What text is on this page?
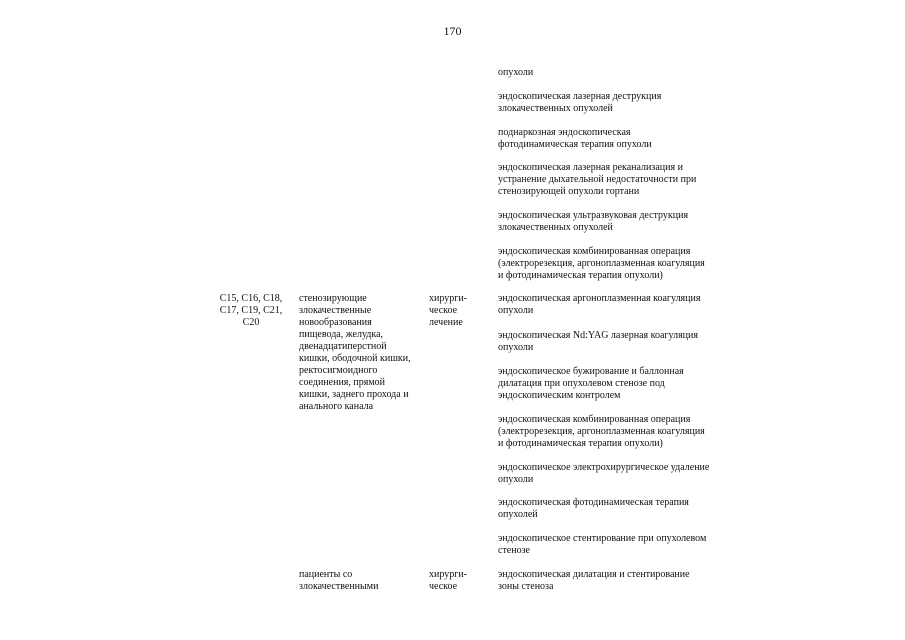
170
опухоли
эндоскопическая лазерная деструкция
злокачественных опухолей
поднаркозная эндоскопическая
фотодинамическая терапия опухоли
эндоскопическая лазерная реканализация и
устранение дыхательной недостаточности при
стенозирующей опухоли гортани
эндоскопическая ультразвуковая деструкция
злокачественных опухолей
эндоскопическая комбинированная операция
(электрорезекция, аргоноплазменная коагуляция
и фотодинамическая терапия опухоли)
C15, C16, C18,
C17, C19, C21,
C20
стенозирующие
злокачественные
новообразования
пищевода, желудка,
двенадцатиперстной
кишки, ободочной кишки,
ректосигмоидного
соединения, прямой
кишки, заднего прохода и
анального канала
хирурги-
ческое
лечение
эндоскопическая аргоноплазменная коагуляция
опухоли
эндоскопическая Nd:YAG лазерная коагуляция
опухоли
эндоскопическое бужирование и баллонная
дилатация при опухолевом стенозе под
эндоскопическим контролем
эндоскопическая комбинированная операция
(электрорезекция, аргоноплазменная коагуляция
и фотодинамическая терапия опухоли)
эндоскопическое электрохирургическое удаление
опухоли
эндоскопическая фотодинамическая терапия
опухолей
эндоскопическое стентирование при опухолевом
стенозе
пациенты со
злокачественными
хирурги-
ческое
эндоскопическая дилатация и стентирование
зоны стеноза
